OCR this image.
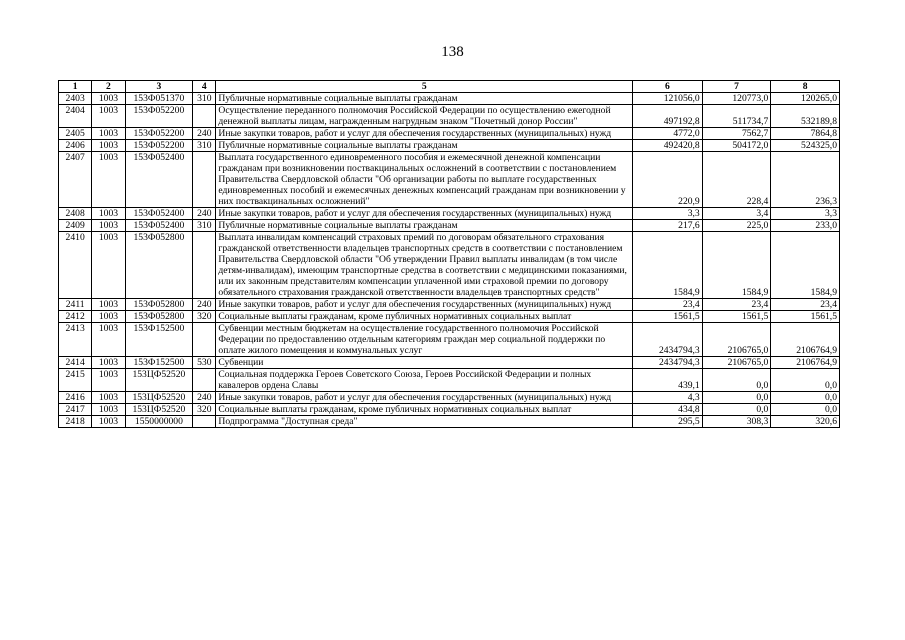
138
1	2	3	4	5	6	7	8
2403	1003	153Ф051370	310	Публичные нормативные социальные выплаты гражданам	121056,0	120773,0	120265,0
2404	1003	153Ф052200		Осуществление переданного полномочия Российской Федерации по осуществлению ежегодной денежной выплаты лицам, награжденным нагрудным знаком "Почетный донор России"	497192,8	511734,7	532189,8
2405	1003	153Ф052200	240	Иные закупки товаров, работ и услуг для обеспечения государственных (муниципальных) нужд	4772,0	7562,7	7864,8
2406	1003	153Ф052200	310	Публичные нормативные социальные выплаты гражданам	492420,8	504172,0	524325,0
2407	1003	153Ф052400		Выплата государственного единовременного пособия и ежемесячной денежной компенсации гражданам при возникновении поствакцинальных осложнений в соответствии с постановлением Правительства Свердловской области "Об организации работы по выплате государственных единовременных пособий и ежемесячных денежных компенсаций гражданам при возникновении у них поствакцинальных осложнений"	220,9	228,4	236,3
2408	1003	153Ф052400	240	Иные закупки товаров, работ и услуг для обеспечения государственных (муниципальных) нужд	3,3	3,4	3,3
2409	1003	153Ф052400	310	Публичные нормативные социальные выплаты гражданам	217,6	225,0	233,0
2410	1003	153Ф052800		Выплата инвалидам компенсаций страховых премий по договорам обязательного страхования гражданской ответственности владельцев транспортных средств в соответствии с постановлением Правительства Свердловской области "Об утверждении Правил выплаты инвалидам (в том числе детям-инвалидам), имеющим транспортные средства в соответствии с медицинскими показаниями, или их законным представителям компенсации уплаченной ими страховой премии по договору обязательного страхования гражданской ответственности владельцев транспортных средств"	1584,9	1584,9	1584,9
2411	1003	153Ф052800	240	Иные закупки товаров, работ и услуг для обеспечения государственных (муниципальных) нужд	23,4	23,4	23,4
2412	1003	153Ф052800	320	Социальные выплаты гражданам, кроме публичных нормативных социальных выплат	1561,5	1561,5	1561,5
2413	1003	153Ф152500		Субвенции местным бюджетам на осуществление государственного полномочия Российской Федерации по предоставлению отдельным категориям граждан мер социальной поддержки по оплате жилого помещения и коммунальных услуг	2434794,3	2106765,0	2106764,9
2414	1003	153Ф152500	530	Субвенции	2434794,3	2106765,0	2106764,9
2415	1003	153ЦФ52520		Социальная поддержка Героев Советского Союза, Героев Российской Федерации и полных кавалеров ордена Славы	439,1	0,0	0,0
2416	1003	153ЦФ52520	240	Иные закупки товаров, работ и услуг для обеспечения государственных (муниципальных) нужд	4,3	0,0	0,0
2417	1003	153ЦФ52520	320	Социальные выплаты гражданам, кроме публичных нормативных социальных выплат	434,8	0,0	0,0
2418	1003	1550000000		Подпрограмма "Доступная среда"	295,5	308,3	320,6
